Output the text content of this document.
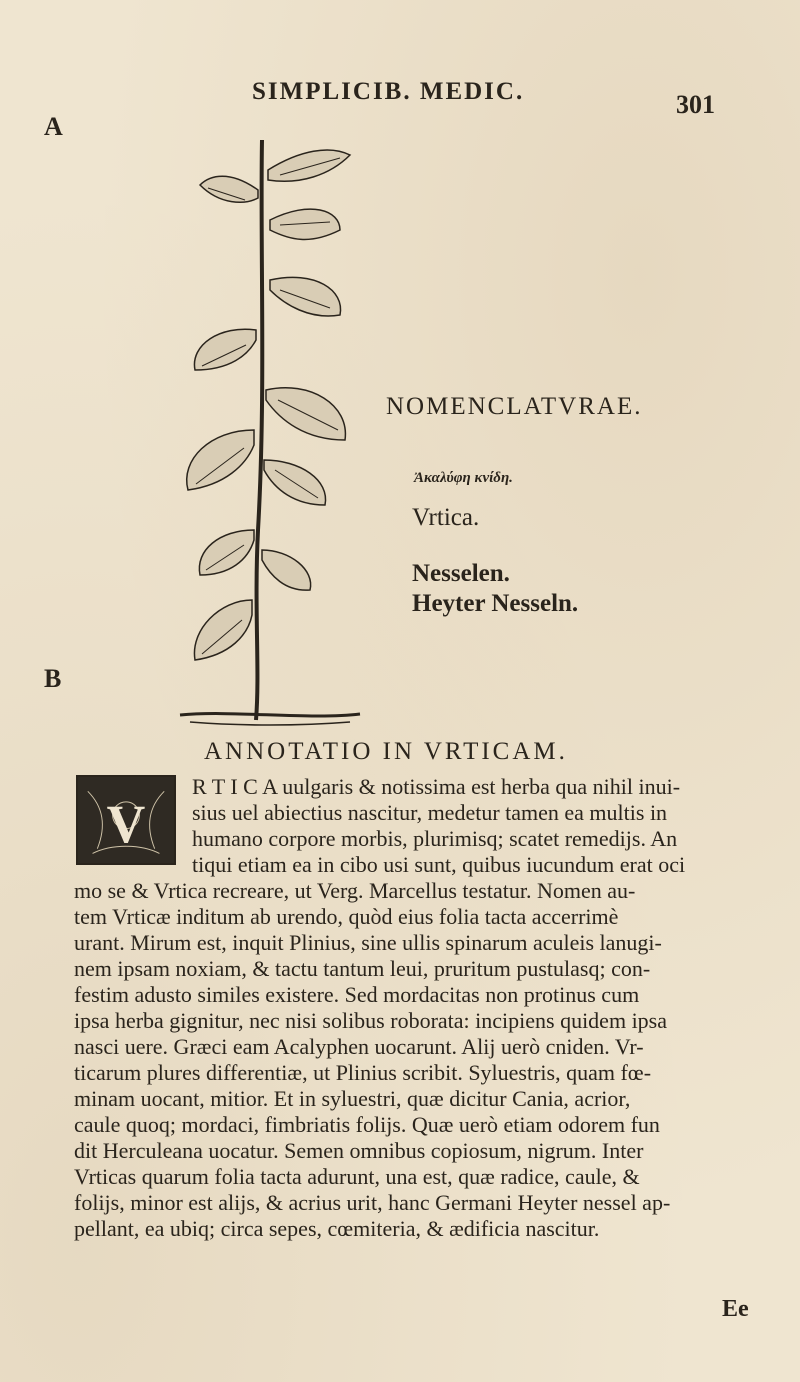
SIMPLICIB. MEDIC.	301
A
B
NOMENCLATVRAE.
Ἀκαλύφη κνίδη.
Vrtica.
Nesselen.
Heyter Nesseln.
ANNOTATIO IN VRTICAM.
V
R T I C A uulgaris & notissima est herba qua nihil inui-
sius uel abiectius nascitur, medetur tamen ea multis in
humano corpore morbis, plurimisq; scatet remedijs. An
tiqui etiam ea in cibo usi sunt, quibus iucundum erat oci
mo se & Vrtica recreare, ut Verg. Marcellus testatur. Nomen au-
tem Vrticæ inditum ab urendo, quòd eius folia tacta accerrimè
urant. Mirum est, inquit Plinius, sine ullis spinarum aculeis lanugi-
nem ipsam noxiam, & tactu tantum leui, pruritum pustulasq; con-
festim adusto similes existere. Sed mordacitas non protinus cum
ipsa herba gignitur, nec nisi solibus roborata: incipiens quidem ipsa
nasci uere. Græci eam Acalyphen uocarunt. Alij uerò cniden. Vr-
ticarum plures differentiæ, ut Plinius scribit. Syluestris, quam fœ-
minam uocant, mitior. Et in syluestri, quæ dicitur Cania, acrior,
caule quoq; mordaci, fimbriatis folijs. Quæ uerò etiam odorem fun
dit Herculeana uocatur. Semen omnibus copiosum, nigrum. Inter
Vrticas quarum folia tacta adurunt, una est, quæ radice, caule, &
folijs, minor est alijs, & acrius urit, hanc Germani Heyter nessel ap-
pellant, ea ubiq; circa sepes, cœmiteria, & ædificia nascitur.
Ee
